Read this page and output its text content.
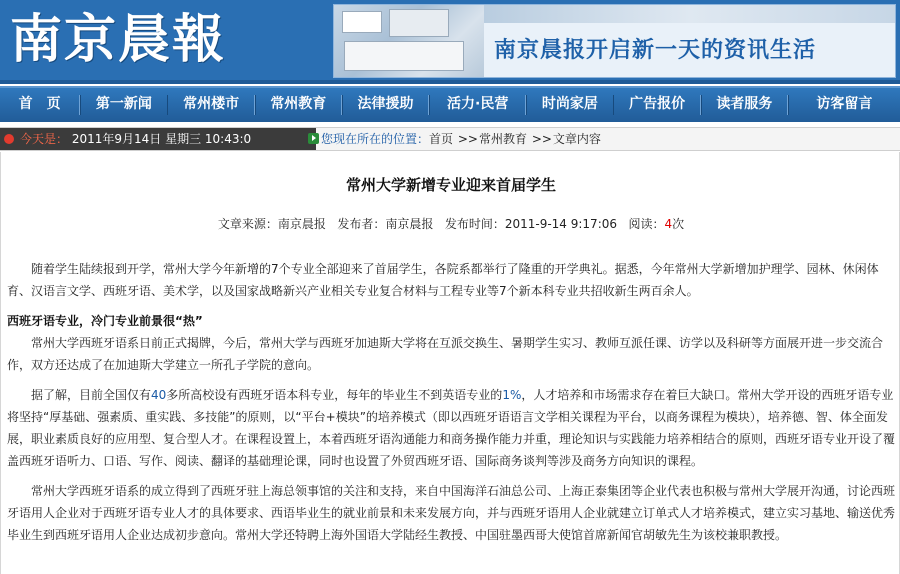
南京晨報	南京晨报开启新一天的资讯生活
首　页	第一新闻	常州楼市	常州教育	法律援助	活力·民营	时尚家居	广告报价	读者服务	访客留言
今天是： 2011年9月14日 星期三 10:43:0	您现在所在的位置：首页 >>常州教育 >>文章内容
常州大学新增专业迎来首届学生
文章来源：南京晨报 发布者：南京晨报 发布时间：2011-9-14 9:17:06 阅读：4次

随着学生陆续报到开学，常州大学今年新增的7个专业全部迎来了首届学生，各院系都举行了隆重的开学典礼。据悉，今年常州大学新增加护理学、园林、休闲体育、汉语言文学、西班牙语、美术学，以及国家战略新兴产业相关专业复合材料与工程专业等7个新本科专业共招收新生两百余人。

西班牙语专业，冷门专业前景很“热”

常州大学西班牙语系日前正式揭牌，今后，常州大学与西班牙加迪斯大学将在互派交换生、暑期学生实习、教师互派任课、访学以及科研等方面展开进一步交流合作，双方还达成了在加迪斯大学建立一所孔子学院的意向。

据了解，目前全国仅有40多所高校设有西班牙语本科专业，每年的毕业生不到英语专业的1%，人才培养和市场需求存在着巨大缺口。常州大学开设的西班牙语专业将坚持“厚基础、强素质、重实践、多技能”的原则，以“平台+模块”的培养模式（即以西班牙语语言文学相关课程为平台，以商务课程为模块），培养德、智、体全面发展，职业素质良好的应用型、复合型人才。在课程设置上，本着西班牙语沟通能力和商务操作能力并重，理论知识与实践能力培养相结合的原则，西班牙语专业开设了覆盖西班牙语听力、口语、写作、阅读、翻译的基础理论课，同时也设置了外贸西班牙语、国际商务谈判等涉及商务方向知识的课程。

常州大学西班牙语系的成立得到了西班牙驻上海总领事馆的关注和支持，来自中国海洋石油总公司、上海正泰集团等企业代表也积极与常州大学展开沟通，讨论西班牙语用人企业对于西班牙语专业人才的具体要求、西语毕业生的就业前景和未来发展方向，并与西班牙语用人企业就建立订单式人才培养模式，建立实习基地、输送优秀毕业生到西班牙语用人企业达成初步意向。常州大学还特聘上海外国语大学陆经生教授、中国驻墨西哥大使馆首席新闻官胡敏先生为该校兼职教授。
